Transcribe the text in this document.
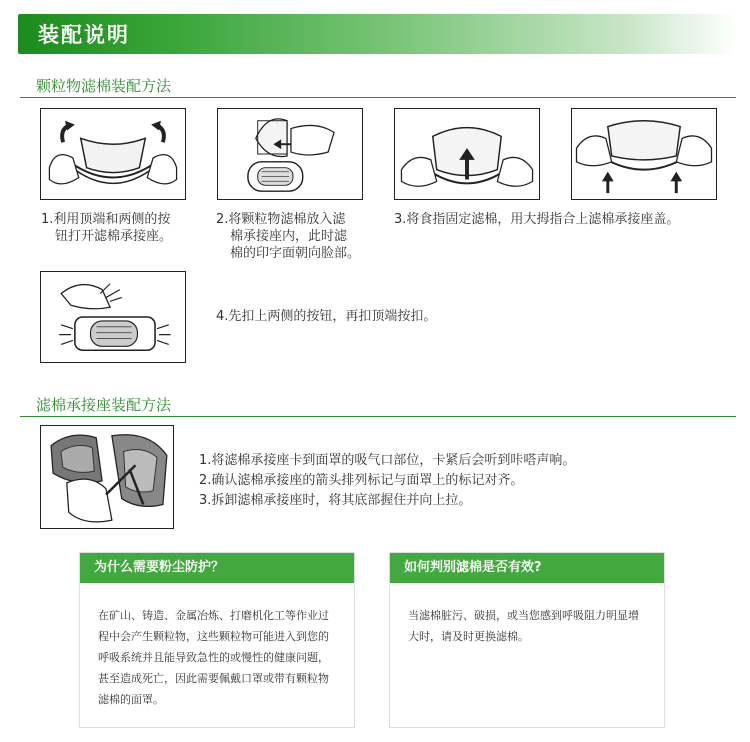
装配说明
颗粒物滤棉装配方法
1.利用顶端和两侧的按
钮打开滤棉承接座。
2.将颗粒物滤棉放入滤
棉承接座内，此时滤
棉的印字面朝向脸部。
3.将食指固定滤棉，用大拇指合上滤棉承接座盖。
4.先扣上两侧的按钮，再扣顶端按扣。
滤棉承接座装配方法
1.将滤棉承接座卡到面罩的吸气口部位，卡紧后会听到咔嗒声响。
2.确认滤棉承接座的箭头排列标记与面罩上的标记对齐。
3.拆卸滤棉承接座时，将其底部握住并向上拉。
为什么需要粉尘防护？
在矿山、铸造、金属冶炼、打磨机化工等作业过
程中会产生颗粒物，这些颗粒物可能进入到您的
呼吸系统并且能导致急性的或慢性的健康问题，
甚至造成死亡，因此需要佩戴口罩或带有颗粒物
滤棉的面罩。
如何判别滤棉是否有效?
当滤棉脏污、破损，或当您感到呼吸阻力明显增
大时，请及时更换滤棉。
